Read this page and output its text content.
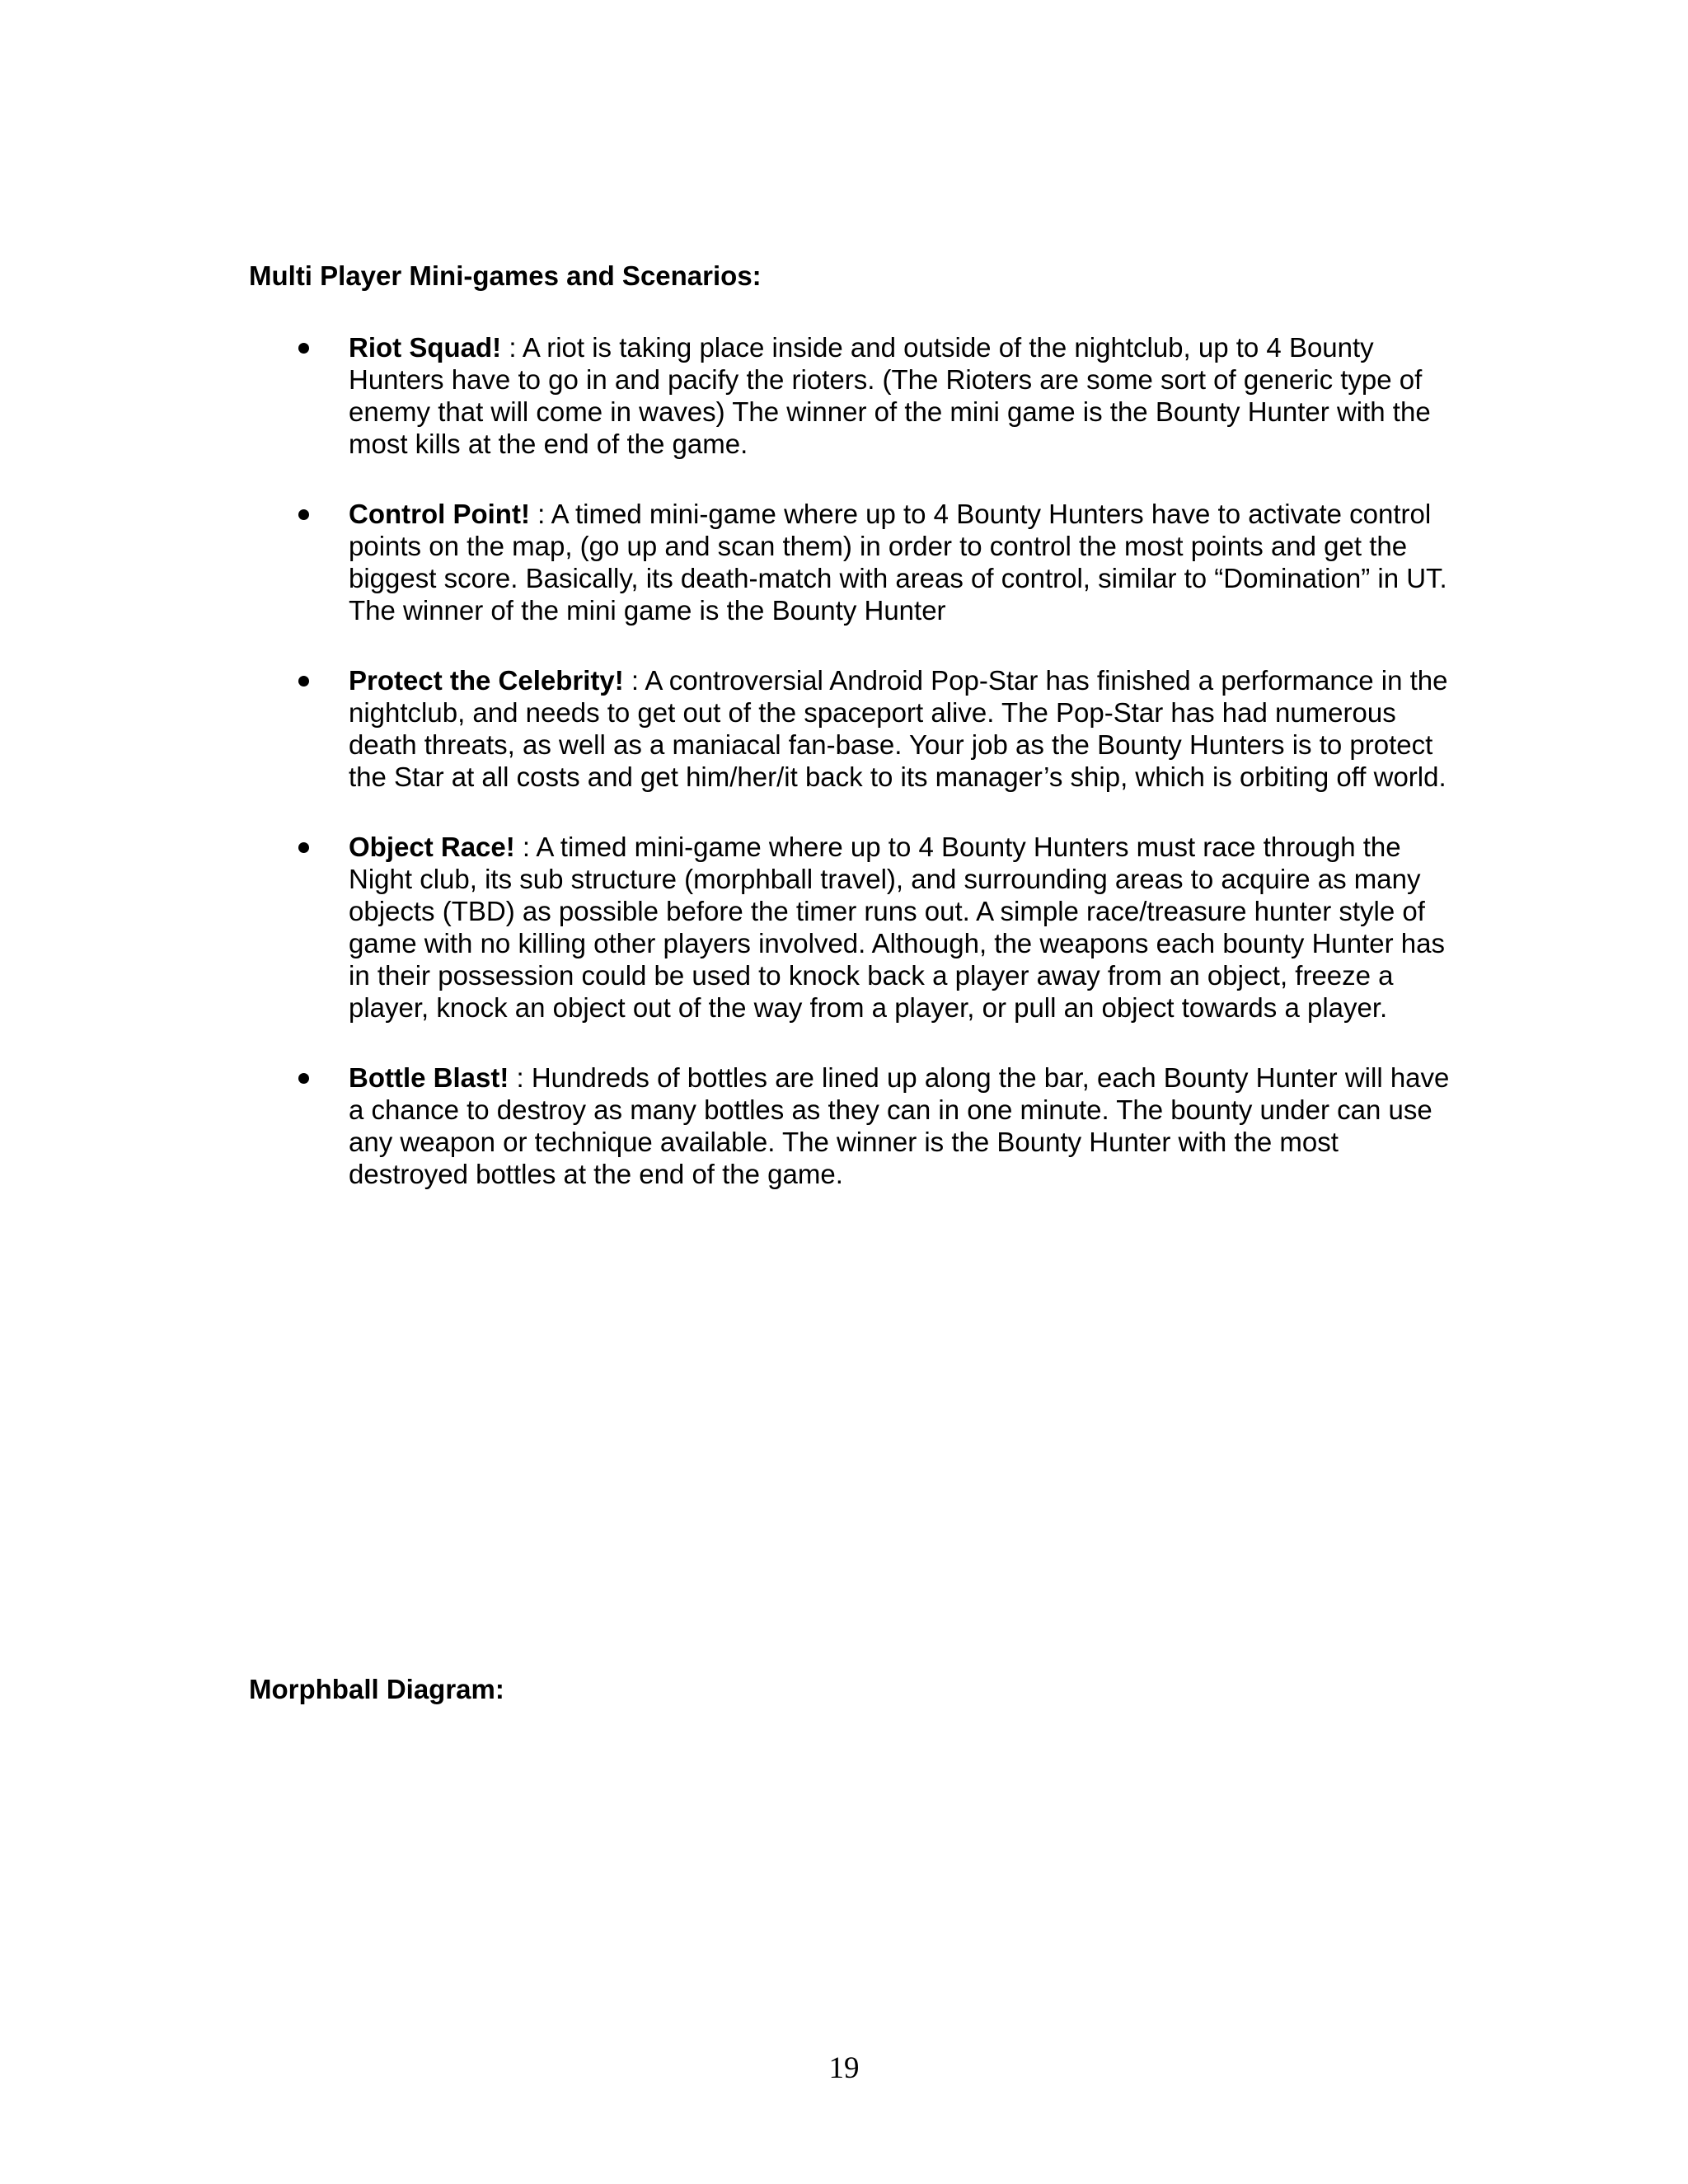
Multi Player Mini-games and Scenarios:
Riot Squad! : A riot is taking place inside and outside of the nightclub, up to 4 Bounty Hunters have to go in and pacify the rioters. (The Rioters are some sort of generic type of enemy that will come in waves) The winner of the mini game is the Bounty Hunter with the most kills at the end of the game.
Control Point! : A timed mini-game where up to 4 Bounty Hunters have to activate control points on the map, (go up and scan them) in order to control the most points and get the biggest score. Basically, its death-match with areas of control, similar to “Domination” in UT. The winner of the mini game is the Bounty Hunter
Protect the Celebrity! : A controversial Android Pop-Star has finished a performance in the nightclub, and needs to get out of the spaceport alive. The Pop-Star has had numerous death threats, as well as a maniacal fan-base. Your job as the Bounty Hunters is to protect the Star at all costs and get him/her/it back to its manager’s ship, which is orbiting off world.
Object Race! : A timed mini-game where up to 4 Bounty Hunters must race through the Night club, its sub structure (morphball travel), and surrounding areas to acquire as many objects (TBD) as possible before the timer runs out. A simple race/treasure hunter style of game with no killing other players involved. Although, the weapons each bounty Hunter has in their possession could be used to knock back a player away from an object, freeze a player, knock an object out of the way from a player, or pull an object towards a player.
Bottle Blast! : Hundreds of bottles are lined up along the bar, each Bounty Hunter will have a chance to destroy as many bottles as they can in one minute. The bounty under can use any weapon or technique available. The winner is the Bounty Hunter with the most destroyed bottles at the end of the game.
Morphball Diagram:
19
